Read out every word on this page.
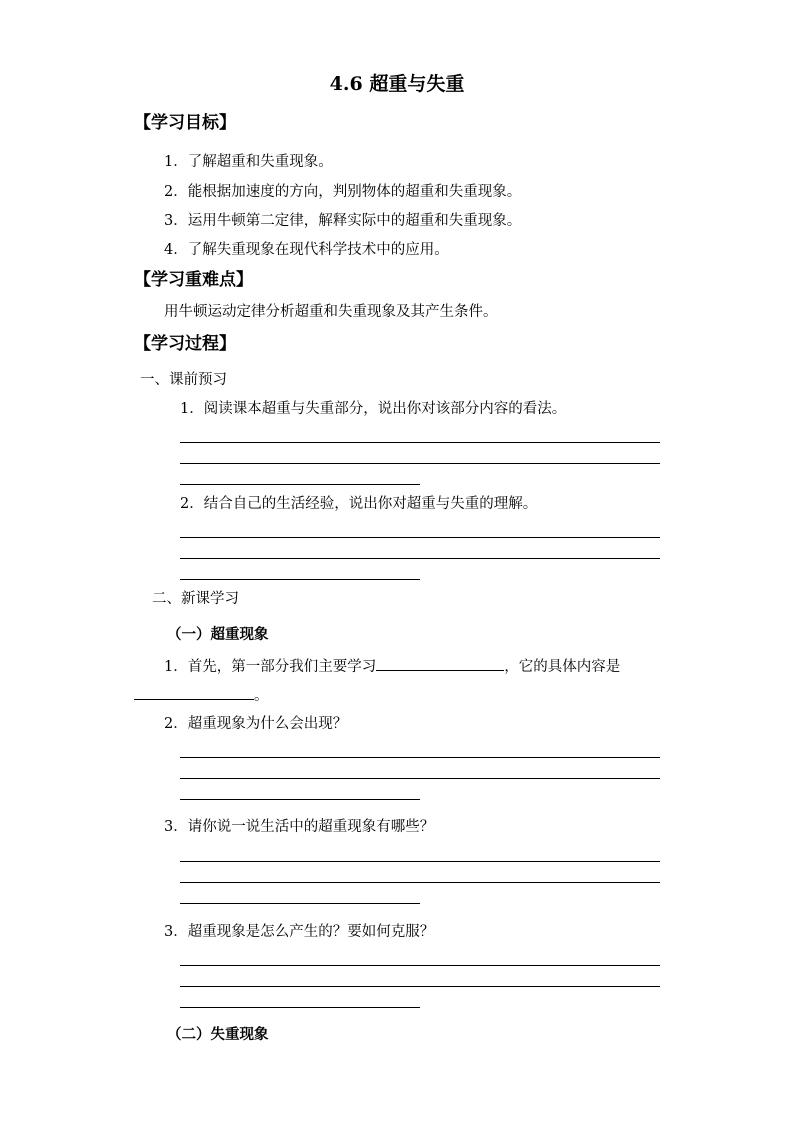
4.6 超重与失重
【学习目标】
1．了解超重和失重现象。
2．能根据加速度的方向，判别物体的超重和失重现象。
3．运用牛顿第二定律，解释实际中的超重和失重现象。
4．了解失重现象在现代科学技术中的应用。
【学习重难点】
用牛顿运动定律分析超重和失重现象及其产生条件。
【学习过程】
一、课前预习
1．阅读课本超重与失重部分，说出你对该部分内容的看法。
2．结合自己的生活经验，说出你对超重与失重的理解。
二、新课学习
（一）超重现象
1．首先，第一部分我们主要学习	，它的具体内容是
。
2．超重现象为什么会出现？
3．请你说一说生活中的超重现象有哪些？
3．超重现象是怎么产生的？要如何克服？
（二）失重现象
